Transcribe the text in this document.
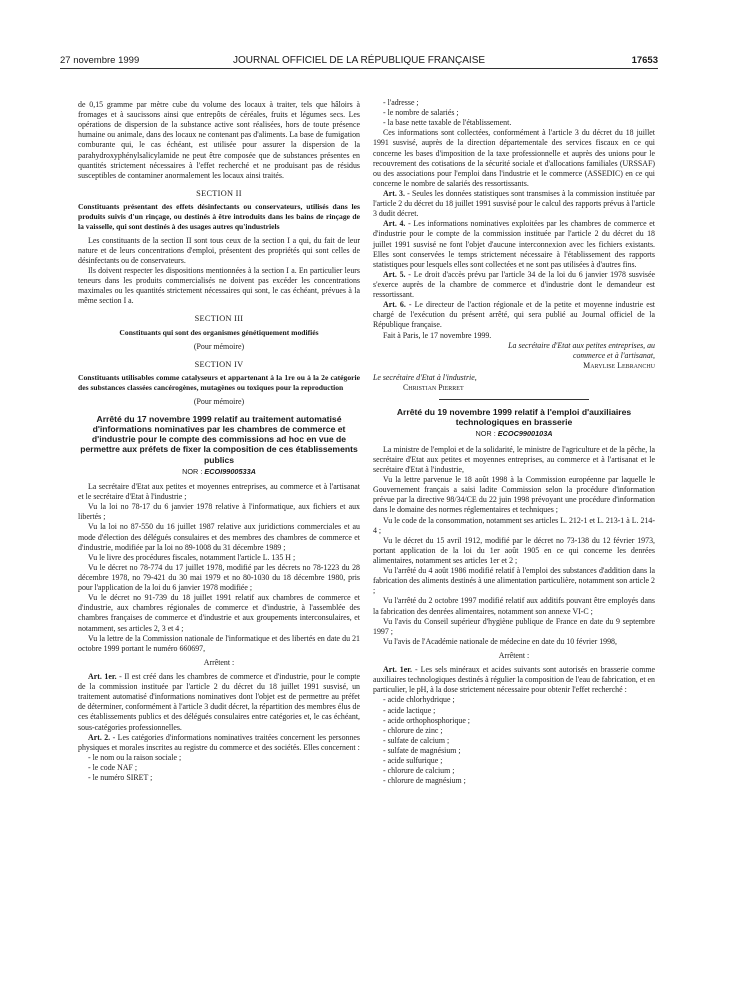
27 novembre 1999	JOURNAL OFFICIEL DE LA RÉPUBLIQUE FRANÇAISE	17653

de 0,15 gramme par mètre cube du volume des locaux à traiter, tels que hâloirs à fromages et à saucissons ainsi que entrepôts de céréales, fruits et légumes secs. Les opérations de dispersion de la substance active sont réalisées, hors de toute présence humaine ou animale, dans des locaux ne contenant pas d'aliments. La base de fumigation comburante qui, le cas échéant, est utilisée pour assurer la dispersion de la parahydroxyphénylsalicylamide ne peut être composée que de substances présentes en quantités strictement nécessaires à l'effet recherché et ne produisant pas de résidus susceptibles de contaminer anormalement les locaux ainsi traités.

SECTION II

Constituants présentant des effets désinfectants ou conservateurs, utilisés dans les produits suivis d'un rinçage, ou destinés à être introduits dans les bains de rinçage de la vaisselle, qui sont destinés à des usages autres qu'industriels

Les constituants de la section II sont tous ceux de la section I a qui, du fait de leur nature et de leurs concentrations d'emploi, présentent des propriétés qui sont celles de désinfectants ou de conservateurs.

Ils doivent respecter les dispositions mentionnées à la section I a. En particulier leurs teneurs dans les produits commercialisés ne doivent pas excéder les concentrations maximales ou les quantités strictement nécessaires qui sont, le cas échéant, prévues à la même section I a.

SECTION III

Constituants qui sont des organismes génétiquement modifiés

(Pour mémoire)
SECTION IV

Constituants utilisables comme catalyseurs et appartenant à la 1re ou à la 2e catégorie des substances classées cancérogènes, mutagènes ou toxiques pour la reproduction

(Pour mémoire)
Arrêté du 17 novembre 1999 relatif au traitement automatisé d'informations nominatives par les chambres de commerce et d'industrie pour le compte des commissions ad hoc en vue de permettre aux préfets de fixer la composition de ces établissements publics
NOR : ECOI9900533A

La secrétaire d'Etat aux petites et moyennes entreprises, au commerce et à l'artisanat et le secrétaire d'Etat à l'industrie ;

Vu la loi no 78-17 du 6 janvier 1978 relative à l'informatique, aux fichiers et aux libertés ;

Vu la loi no 87-550 du 16 juillet 1987 relative aux juridictions commerciales et au mode d'élection des délégués consulaires et des membres des chambres de commerce et d'industrie, modifiée par la loi no 89-1008 du 31 décembre 1989 ;

Vu le livre des procédures fiscales, notamment l'article L. 135 H ;

Vu le décret no 78-774 du 17 juillet 1978, modifié par les décrets no 78-1223 du 28 décembre 1978, no 79-421 du 30 mai 1979 et no 80-1030 du 18 décembre 1980, pris pour l'application de la loi du 6 janvier 1978 modifiée ;

Vu le décret no 91-739 du 18 juillet 1991 relatif aux chambres de commerce et d'industrie, aux chambres régionales de commerce et d'industrie, à l'assemblée des chambres françaises de commerce et d'industrie et aux groupements interconsulaires, et notamment, ses articles 2, 3 et 4 ;

Vu la lettre de la Commission nationale de l'informatique et des libertés en date du 21 octobre 1999 portant le numéro 660697,

Arrêtent :

Art. 1er. - Il est créé dans les chambres de commerce et d'industrie, pour le compte de la commission instituée par l'article 2 du décret du 18 juillet 1991 susvisé, un traitement automatisé d'informations nominatives dont l'objet est de permettre au préfet de déterminer, conformément à l'article 3 dudit décret, la répartition des membres élus de ces établissements publics et des délégués consulaires entre catégories et, le cas échéant, sous-catégories professionnelles.

Art. 2. - Les catégories d'informations nominatives traitées concernent les personnes physiques et morales inscrites au registre du commerce et des sociétés. Elles concernent :

- le nom ou la raison sociale ;
- le code NAF ;
- le numéro SIRET ;
- l'adresse ;
- le nombre de salariés ;
- la base nette taxable de l'établissement.

Ces informations sont collectées, conformément à l'article 3 du décret du 18 juillet 1991 susvisé, auprès de la direction départementale des services fiscaux en ce qui concerne les bases d'imposition de la taxe professionnelle et auprès des unions pour le recouvrement des cotisations de la sécurité sociale et d'allocations familiales (URSSAF) ou des associations pour l'emploi dans l'industrie et le commerce (ASSEDIC) en ce qui concerne le nombre de salariés des ressortissants.

Art. 3. - Seules les données statistiques sont transmises à la commission instituée par l'article 2 du décret du 18 juillet 1991 susvisé pour le calcul des rapports prévus à l'article 3 dudit décret.

Art. 4. - Les informations nominatives exploitées par les chambres de commerce et d'industrie pour le compte de la commission instituée par l'article 2 du décret du 18 juillet 1991 susvisé ne font l'objet d'aucune interconnexion avec les fichiers existants. Elles sont conservées le temps strictement nécessaire à l'établissement des rapports statistiques pour lesquels elles sont collectées et ne sont pas utilisées à d'autres fins.

Art. 5. - Le droit d'accès prévu par l'article 34 de la loi du 6 janvier 1978 susvisée s'exerce auprès de la chambre de commerce et d'industrie dont le demandeur est ressortissant.

Art. 6. - Le directeur de l'action régionale et de la petite et moyenne industrie est chargé de l'exécution du présent arrêté, qui sera publié au Journal officiel de la République française.

Fait à Paris, le 17 novembre 1999.

La secrétaire d'Etat aux petites entreprises, au commerce et à l'artisanat,
Marylise Lebranchu
Le secrétaire d'Etat à l'industrie,
Christian Pierret
Arrêté du 19 novembre 1999 relatif à l'emploi d'auxiliaires technologiques en brasserie
NOR : ECOC9900103A

La ministre de l'emploi et de la solidarité, le ministre de l'agriculture et de la pêche, la secrétaire d'Etat aux petites et moyennes entreprises, au commerce et à l'artisanat et le secrétaire d'Etat à l'industrie,

Vu la lettre parvenue le 18 août 1998 à la Commission européenne par laquelle le Gouvernement français a saisi ladite Commission selon la procédure d'information prévue par la directive 98/34/CE du 22 juin 1998 prévoyant une procédure d'information dans le domaine des normes réglementaires et techniques ;

Vu le code de la consommation, notamment ses articles L. 212-1 et L. 213-1 à L. 214-4 ;

Vu le décret du 15 avril 1912, modifié par le décret no 73-138 du 12 février 1973, portant application de la loi du 1er août 1905 en ce qui concerne les denrées alimentaires, notamment ses articles 1er et 2 ;

Vu l'arrêté du 4 août 1986 modifié relatif à l'emploi des substances d'addition dans la fabrication des aliments destinés à une alimentation particulière, notamment son article 2 ;

Vu l'arrêté du 2 octobre 1997 modifié relatif aux additifs pouvant être employés dans la fabrication des denrées alimentaires, notamment son annexe VI-C ;

Vu l'avis du Conseil supérieur d'hygiène publique de France en date du 9 septembre 1997 ;

Vu l'avis de l'Académie nationale de médecine en date du 10 février 1998,

Arrêtent :

Art. 1er. - Les sels minéraux et acides suivants sont autorisés en brasserie comme auxiliaires technologiques destinés à régulier la composition de l'eau de fabrication, et en particulier, le pH, à la dose strictement nécessaire pour obtenir l'effet recherché :

- acide chlorhydrique ;
- acide lactique ;
- acide orthophosphorique ;
- chlorure de zinc ;
- sulfate de calcium ;
- sulfate de magnésium ;
- acide sulfurique ;
- chlorure de calcium ;
- chlorure de magnésium ;
